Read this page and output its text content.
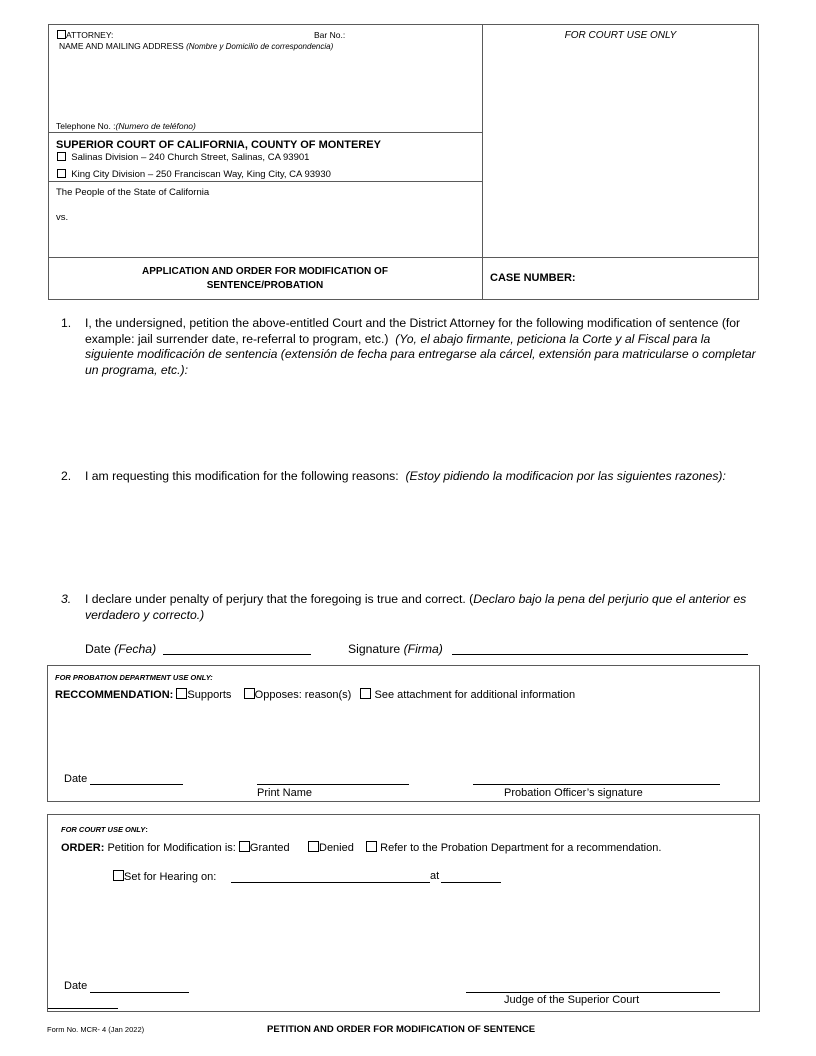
ATTORNEY:	Bar No.:
NAME AND MAILING ADDRESS (Nombre y Domicilio de correspondencia)
Telephone No. :(Numero de teléfono)
FOR COURT USE ONLY
SUPERIOR COURT OF CALIFORNIA, COUNTY OF MONTEREY
Salinas Division – 240 Church Street, Salinas, CA 93901
King City Division – 250 Franciscan Way, King City, CA 93930
The People of the State of California
vs.
APPLICATION AND ORDER FOR MODIFICATION OF
SENTENCE/PROBATION
CASE NUMBER:
1. I, the undersigned, petition the above-entitled Court and the District Attorney for the following modification of sentence (for example: jail surrender date, re-referral to program, etc.) (Yo, el abajo firmante, peticiona la Corte y al Fiscal para la siguiente modificación de sentencia (extensión de fecha para entregarse ala cárcel, extensión para matricularse o completar un programa, etc.):
2. I am requesting this modification for the following reasons: (Estoy pidiendo la modificacion por las siguientes razones):
3. I declare under penalty of perjury that the foregoing is true and correct. (Declaro bajo la pena del perjurio que el anterior es verdadero y correcto.)
Date (Fecha)	Signature (Firma)
FOR PROBATION DEPARTMENT USE ONLY:
RECCOMMENDATION: Supports Opposes: reason(s) See attachment for additional information
Date
Print Name	Probation Officer’s signature
FOR COURT USE ONLY:
ORDER: Petition for Modification is: Granted	Denied Refer to the Probation Department for a recommendation.
Set for Hearing on:	at
Date
Judge of the Superior Court
Form No. MCR- 4 (Jan 2022)	PETITION AND ORDER FOR MODIFICATION OF SENTENCE
